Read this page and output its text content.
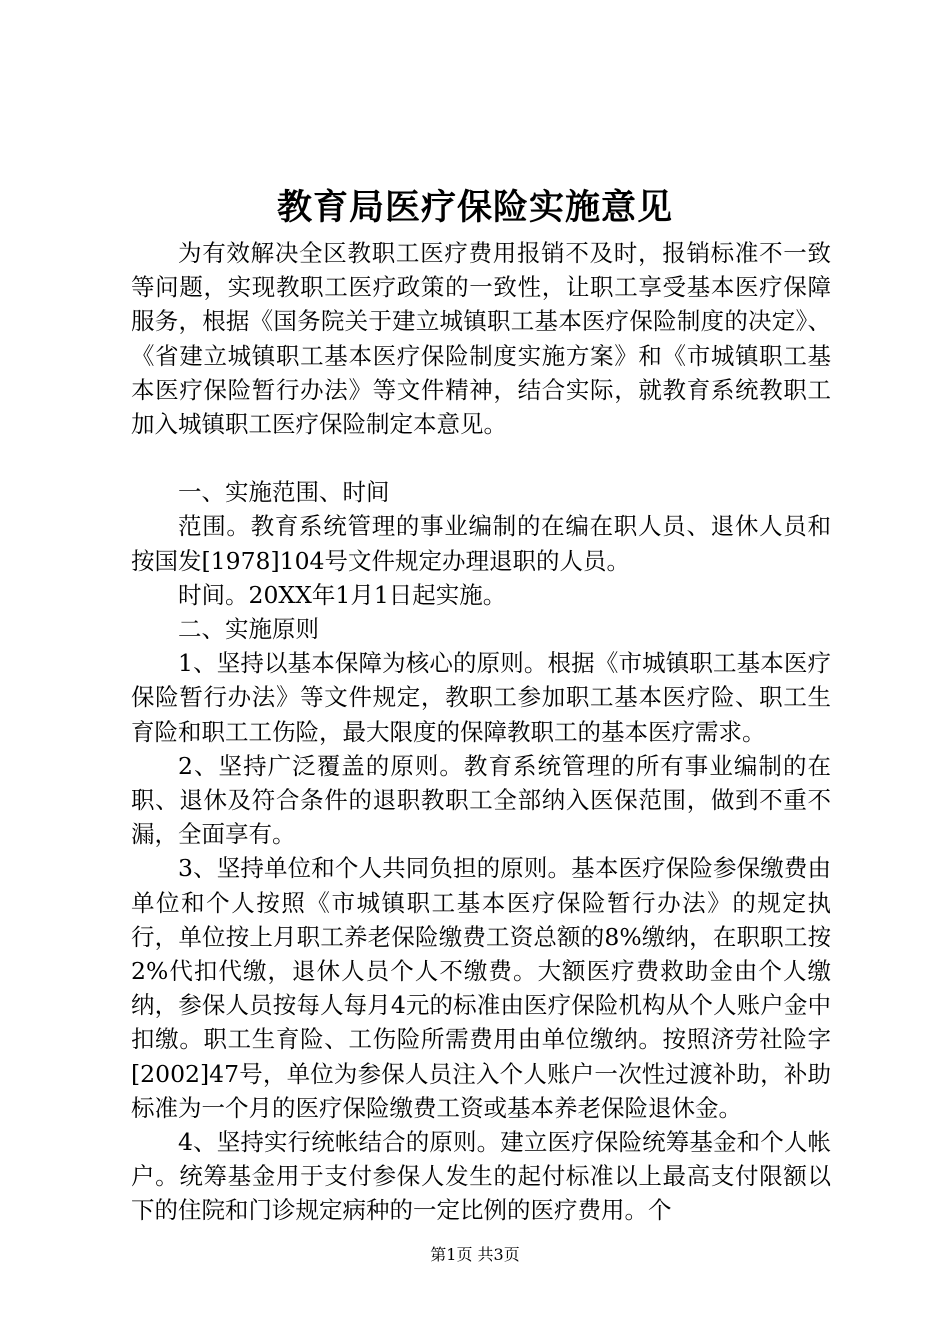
教育局医疗保险实施意见

为有效解决全区教职工医疗费用报销不及时，报销标准不一致等问题，实现教职工医疗政策的一致性，让职工享受基本医疗保障服务，根据《国务院关于建立城镇职工基本医疗保险制度的决定》、《省建立城镇职工基本医疗保险制度实施方案》和《市城镇职工基本医疗保险暂行办法》等文件精神，结合实际，就教育系统教职工加入城镇职工医疗保险制定本意见。

一、实施范围、时间

范围。教育系统管理的事业编制的在编在职人员、退休人员和按国发[1978]104号文件规定办理退职的人员。

时间。20XX年1月1日起实施。

二、实施原则

1、坚持以基本保障为核心的原则。根据《市城镇职工基本医疗保险暂行办法》等文件规定，教职工参加职工基本医疗险、职工生育险和职工工伤险，最大限度的保障教职工的基本医疗需求。

2、坚持广泛覆盖的原则。教育系统管理的所有事业编制的在职、退休及符合条件的退职教职工全部纳入医保范围，做到不重不漏，全面享有。

3、坚持单位和个人共同负担的原则。基本医疗保险参保缴费由单位和个人按照《市城镇职工基本医疗保险暂行办法》的规定执行，单位按上月职工养老保险缴费工资总额的8%缴纳，在职职工按2%代扣代缴，退休人员个人不缴费。大额医疗费救助金由个人缴纳，参保人员按每人每月4元的标准由医疗保险机构从个人账户金中扣缴。职工生育险、工伤险所需费用由单位缴纳。按照济劳社险字[2002]47号，单位为参保人员注入个人账户一次性过渡补助，补助标准为一个月的医疗保险缴费工资或基本养老保险退休金。

4、坚持实行统帐结合的原则。建立医疗保险统筹基金和个人帐户。统筹基金用于支付参保人发生的起付标准以上最高支付限额以下的住院和门诊规定病种的一定比例的医疗费用。个

第1页 共3页
